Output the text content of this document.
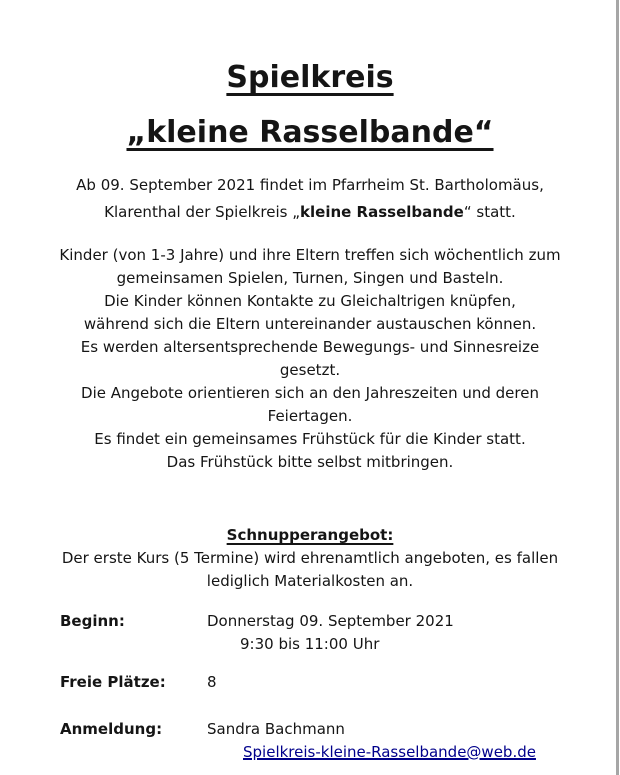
Spielkreis
„kleine Rasselbande“
Ab 09. September 2021 findet im Pfarrheim St. Bartholomäus,
Klarenthal der Spielkreis „kleine Rasselbande“ statt.
Kinder (von 1-3 Jahre) und ihre Eltern treffen sich wöchentlich zum
gemeinsamen Spielen, Turnen, Singen und Basteln.
Die Kinder können Kontakte zu Gleichaltrigen knüpfen,
während sich die Eltern untereinander austauschen können.
Es werden altersentsprechende Bewegungs- und Sinnesreize
gesetzt.
Die Angebote orientieren sich an den Jahreszeiten und deren
Feiertagen.
Es findet ein gemeinsames Frühstück für die Kinder statt.
Das Frühstück bitte selbst mitbringen.
Schnupperangebot:
Der erste Kurs (5 Termine) wird ehrenamtlich angeboten, es fallen
lediglich Materialkosten an.
Beginn:	Donnerstag 09. September 2021
9:30 bis 11:00 Uhr
Freie Plätze:	8
Anmeldung:	Sandra Bachmann
Spielkreis-kleine-Rasselbande@web.de
